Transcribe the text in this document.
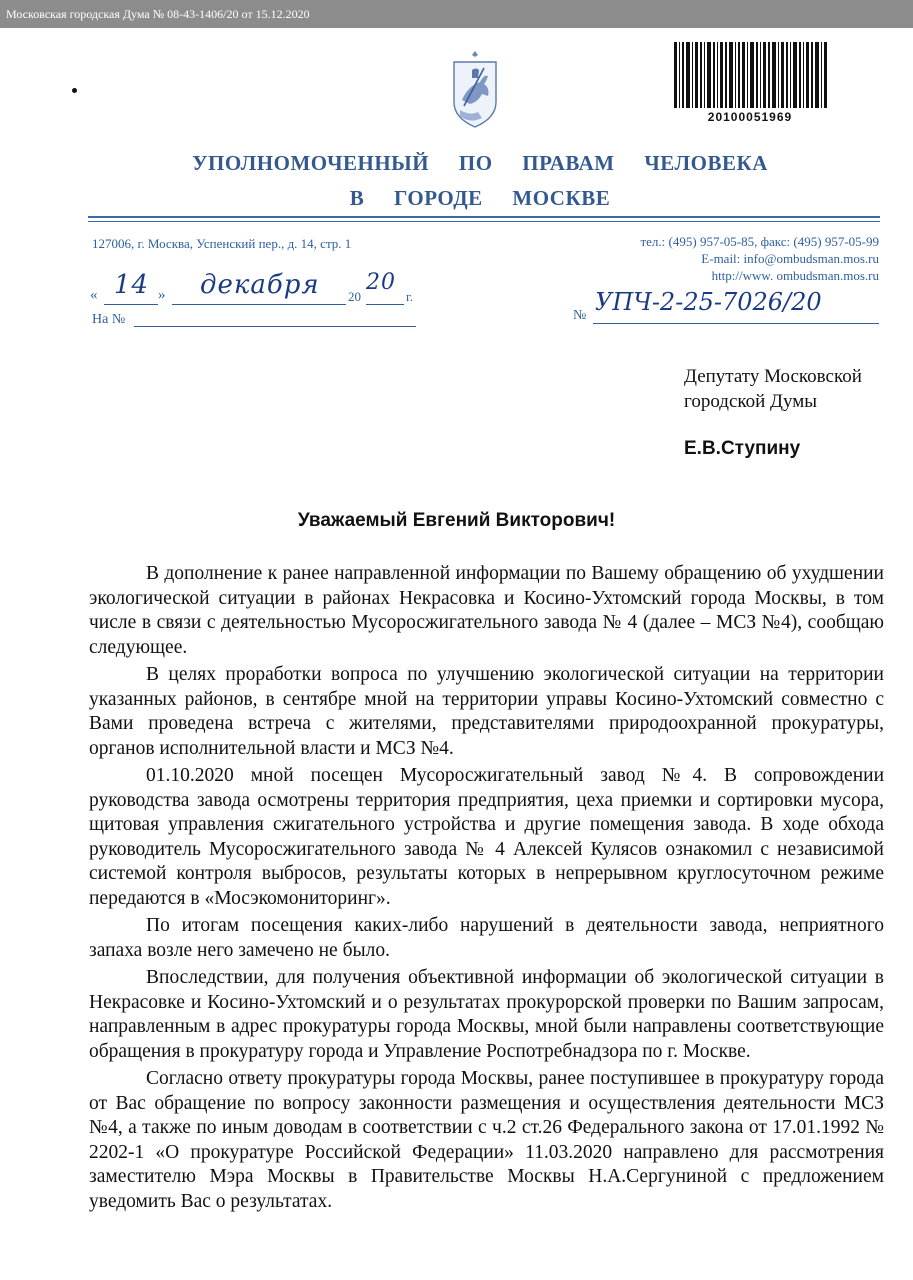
Московская городская Дума № 08-43-1406/20 от 15.12.2020
20100051969
УПОЛНОМОЧЕННЫЙ ПО ПРАВАМ ЧЕЛОВЕКА
В ГОРОДЕ МОСКВЕ
127006, г. Москва, Успенский пер., д. 14, стр. 1	тел.: (495) 957-05-85, факс: (495) 957-05-99
E-mail: info@ombudsman.mos.ru
http://www. ombudsman.mos.ru
« 14 » декабря 20
20
г.
На №	№ УПЧ-2-25-7026/20
Депутату Московской
городской Думы
Е.В.Ступину
Уважаемый Евгений Викторович!

В дополнение к ранее направленной информации по Вашему обращению об ухудшении экологической ситуации в районах Некрасовка и Косино-Ухтомский города Москвы, в том числе в связи с деятельностью Мусоросжигательного завода № 4 (далее – МСЗ №4), сообщаю следующее.

В целях проработки вопроса по улучшению экологической ситуации на территории указанных районов, в сентябре мной на территории управы Косино-Ухтомский совместно с Вами проведена встреча с жителями, представителями природоохранной прокуратуры, органов исполнительной власти и МСЗ №4.

01.10.2020 мной посещен Мусоросжигательный завод №4. В сопровождении руководства завода осмотрены территория предприятия, цеха приемки и сортировки мусора, щитовая управления сжигательного устройства и другие помещения завода. В ходе обхода руководитель Мусоросжигательного завода № 4 Алексей Кулясов ознакомил с независимой системой контроля выбросов, результаты которых в непрерывном круглосуточном режиме передаются в «Мосэкомониторинг».

По итогам посещения каких-либо нарушений в деятельности завода, неприятного запаха возле него замечено не было.

Впоследствии, для получения объективной информации об экологической ситуации в Некрасовке и Косино-Ухтомский и о результатах прокурорской проверки по Вашим запросам, направленным в адрес прокуратуры города Москвы, мной были направлены соответствующие обращения в прокуратуру города и Управление Роспотребнадзора по г. Москве.

Согласно ответу прокуратуры города Москвы, ранее поступившее в прокуратуру города от Вас обращение по вопросу законности размещения и осуществления деятельности МСЗ №4, а также по иным доводам в соответствии с ч.2 ст.26 Федерального закона от 17.01.1992 № 2202-1 «О прокуратуре Российской Федерации» 11.03.2020 направлено для рассмотрения заместителю Мэра Москвы в Правительстве Москвы Н.А.Сергуниной с предложением уведомить Вас о результатах.
